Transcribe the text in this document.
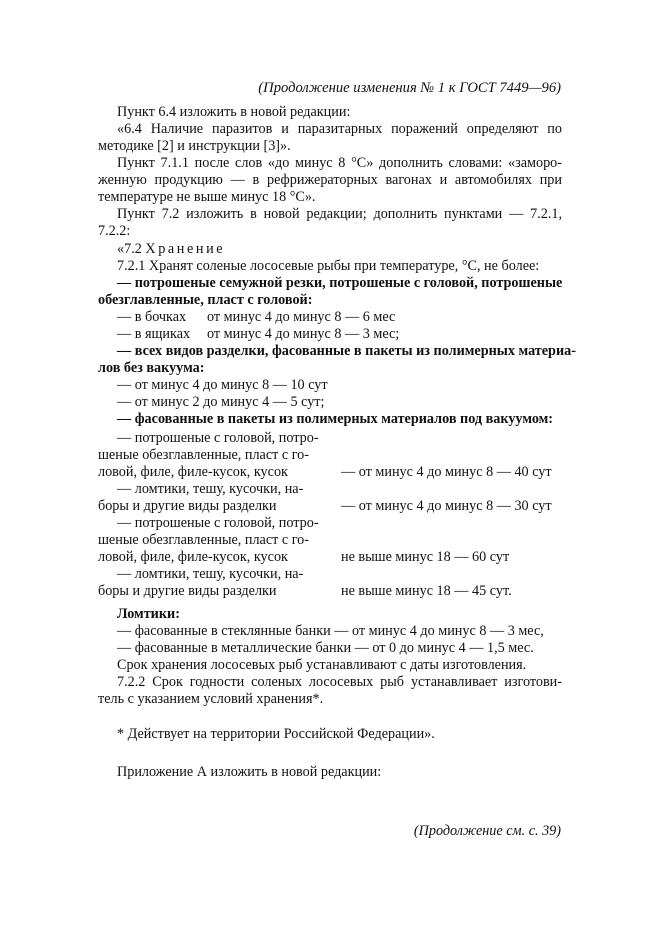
(Продолжение изменения № 1 к ГОСТ 7449—96)
Пункт 6.4 изложить в новой редакции:
«6.4 Наличие паразитов и паразитарных поражений определяют по
методике [2] и инструкции [3]».
Пункт 7.1.1 после слов «до минус 8 °С» дополнить словами: «заморо-
женную продукцию — в рефрижераторных вагонах и автомобилях при
температуре не выше минус 18 °С».
Пункт 7.2 изложить в новой редакции; дополнить пунктами — 7.2.1,
7.2.2:
«7.2 Хранение
7.2.1 Хранят соленые лососевые рыбы при температуре, °С, не более:
— потрошеные семужной резки, потрошеные с головой, потрошеные
обезглавленные, пласт с головой:
— в бочках от минус 4 до минус 8 — 6 мес
— в ящиках от минус 4 до минус 8 — 3 мес;
— всех видов разделки, фасованные в пакеты из полимерных материа-
лов без вакуума:
— от минус 4 до минус 8 — 10 сут
— от минус 2 до минус 4 — 5 сут;
— фасованные в пакеты из полимерных материалов под вакуумом:
— потрошеные с головой, потро-
шеные обезглавленные, пласт с го-
ловой, филе, филе-кусок, кусок	— от минус 4 до минус 8 — 40 сут
— ломтики, тешу, кусочки, на-
боры и другие виды разделки	— от минус 4 до минус 8 — 30 сут
— потрошеные с головой, потро-
шеные обезглавленные, пласт с го-
ловой, филе, филе-кусок, кусок	не выше минус 18 — 60 сут
— ломтики, тешу, кусочки, на-
боры и другие виды разделки	не выше минус 18 — 45 сут.
Ломтики:
— фасованные в стеклянные банки — от минус 4 до минус 8 — 3 мес,
— фасованные в металлические банки — от 0 до минус 4 — 1,5 мес.
Срок хранения лососевых рыб устанавливают с даты изготовления.
7.2.2 Срок годности соленых лососевых рыб устанавливает изготови-
тель с указанием условий хранения*.
* Действует на территории Российской Федерации».
Приложение А изложить в новой редакции:
(Продолжение см. с. 39)
